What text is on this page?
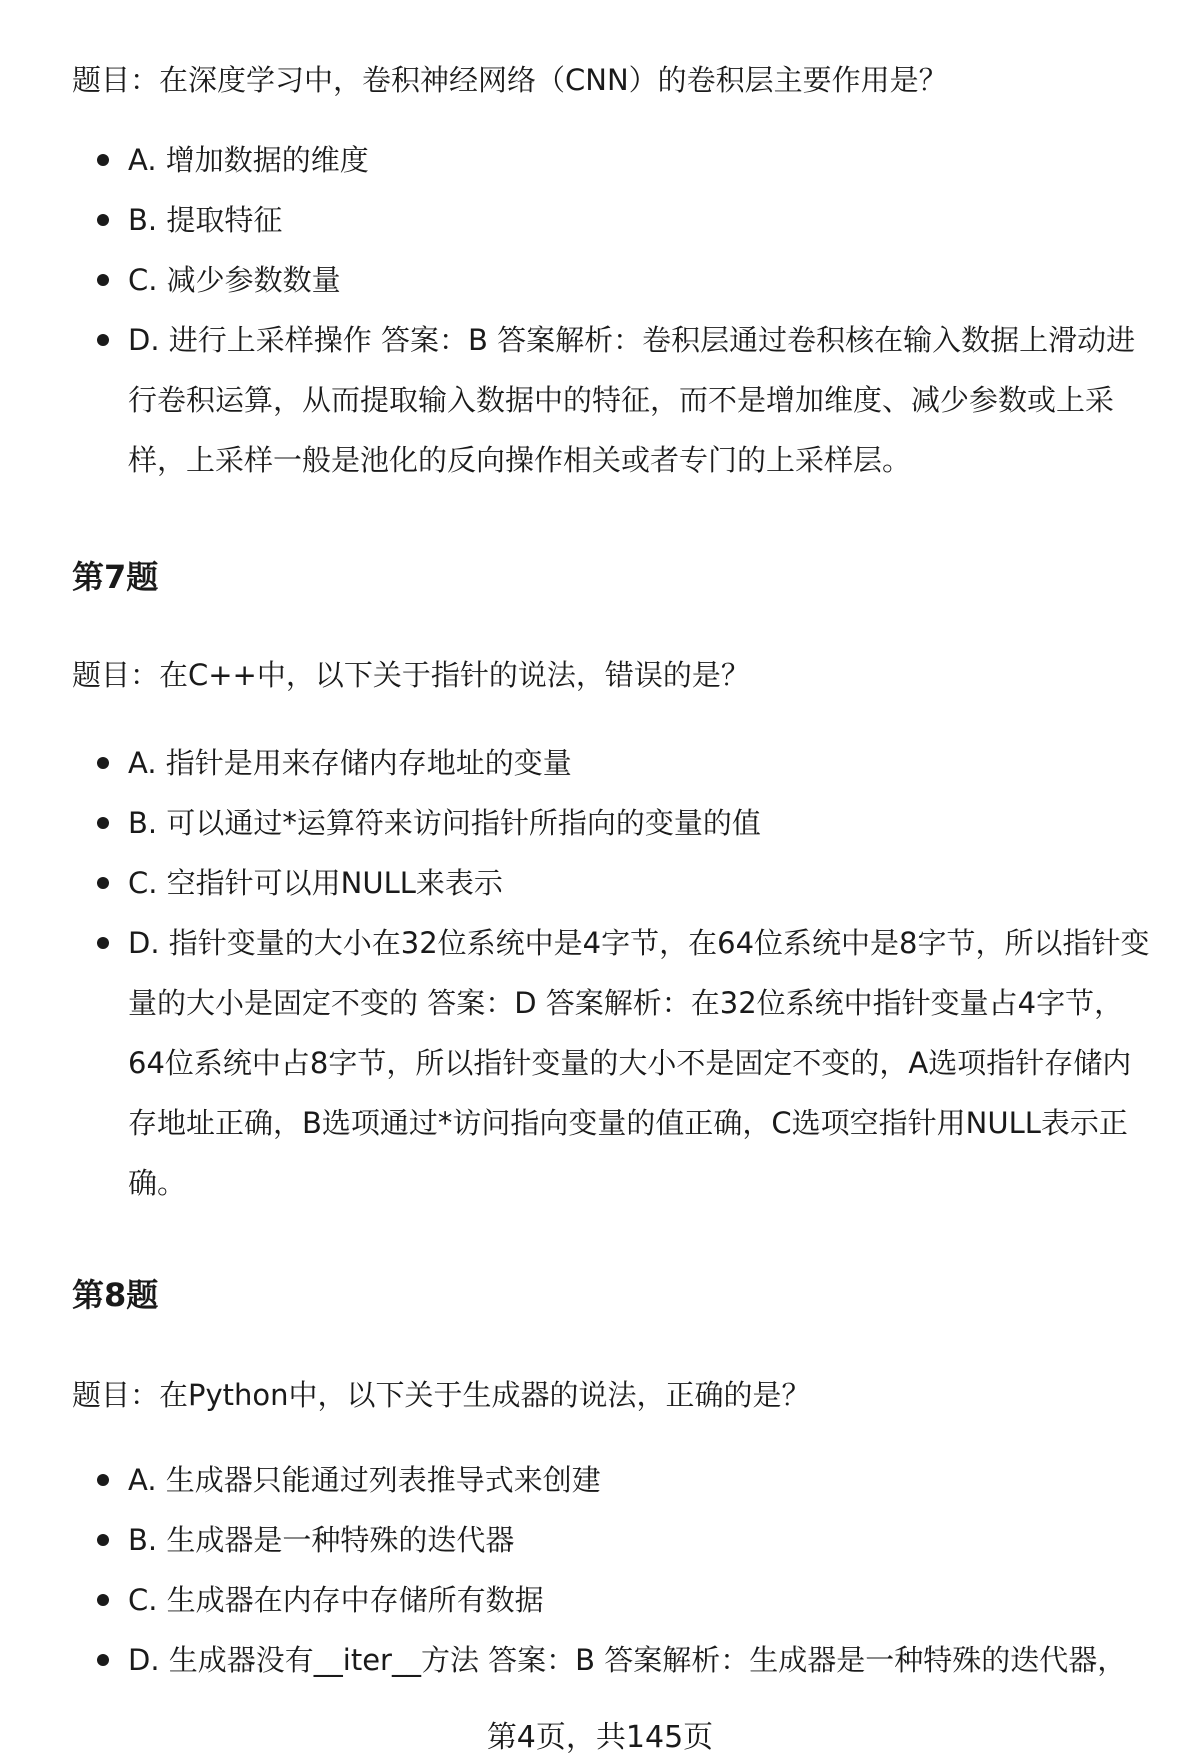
题目：在深度学习中，卷积神经网络（CNN）的卷积层主要作用是？

A. 增加数据的维度
B. 提取特征
C. 减少参数数量
D. 进行上采样操作 答案：B 答案解析：卷积层通过卷积核在输入数据上滑动进行卷积运算，从而提取输入数据中的特征，而不是增加维度、减少参数或上采样，上采样一般是池化的反向操作相关或者专门的上采样层。
第7题

题目：在C++中，以下关于指针的说法，错误的是？

A. 指针是用来存储内存地址的变量
B. 可以通过*运算符来访问指针所指向的变量的值
C. 空指针可以用NULL来表示
D. 指针变量的大小在32位系统中是4字节，在64位系统中是8字节，所以指针变量的大小是固定不变的 答案：D 答案解析：在32位系统中指针变量占4字节，64位系统中占8字节，所以指针变量的大小不是固定不变的，A选项指针存储内存地址正确，B选项通过*访问指向变量的值正确，C选项空指针用NULL表示正确。
第8题

题目：在Python中，以下关于生成器的说法，正确的是？

A. 生成器只能通过列表推导式来创建
B. 生成器是一种特殊的迭代器
C. 生成器在内存中存储所有数据
D. 生成器没有__iter__方法 答案：B 答案解析：生成器是一种特殊的迭代器，
第4页，共145页
